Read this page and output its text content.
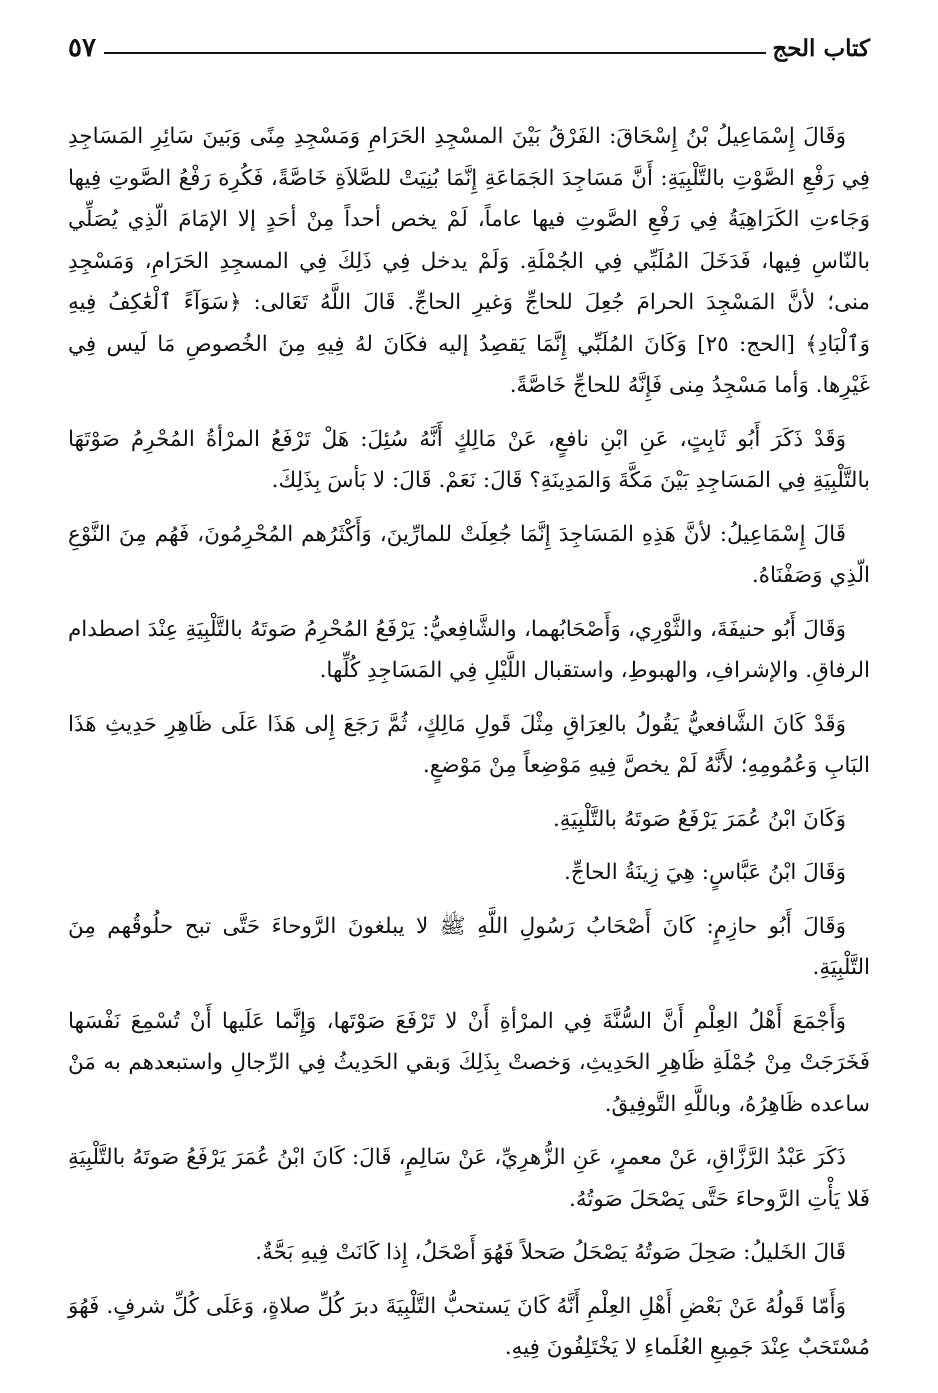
كتاب الحج
٥٧

وَقَالَ إِسْمَاعِيلُ بْنُ إِسْحَاقَ: الفَرْقُ بَيْنَ المسْجِدِ الحَرَامِ وَمَسْجِدِ مِنًى وَبَينَ سَائِرِ المَسَاجِدِ فِي رَفْعِ الصَّوْتِ بالتَّلْبِيَةِ: أَنَّ مَسَاجِدَ الجَمَاعَةِ إِنَّمَا بُنِيَتْ للصَّلاَةِ خَاصَّةً، فَكُرِهَ رَفْعُ الصَّوتِ فِيها وَجَاءتِ الكَرَاهِيَةُ فِي رَفْعِ الصَّوتِ فيها عاماً، لَمْ يخص أحداً مِنْ أحَدٍ إلا الإمَامَ الّذِي يُصَلِّي بالنّاسِ فِيها، فَدَخَلَ المُلَبِّي فِي الجُمْلَةِ. وَلَمْ يدخل فِي ذَلِكَ فِي المسجِدِ الحَرَامِ، وَمَسْجِدِ منى؛ لأنَّ المَسْجِدَ الحرامَ جُعِلَ للحاجِّ وَغيرِ الحاجِّ. قَالَ اللَّهُ تَعَالى: ﴿سَوَآءً ٱلْعَٰكِفُ فِيهِ وَٱلْبَادِ﴾ [الحج: ٢٥] وَكَانَ المُلَبِّي إِنَّمَا يَقصِدُ إليه فكَانَ لهُ فِيهِ مِنَ الخُصوصِ مَا لَيس فِي غَيْرِها. وَأما مَسْجِدُ مِنى فَإِنَّهُ للحاجِّ خَاصَّةً.

وَقَدْ ذَكَرَ أَبُو ثَابِتٍ، عَنِ ابْنِ نافعٍ، عَنْ مَالِكٍ أَنَّهُ سُئِلَ: هَلْ تَرْفَعُ المرْأةُ المُحْرِمُ صَوْتَهَا بالتَّلْبِيَةِ فِي المَسَاجِدِ بَيْنَ مَكَّةَ وَالمَدِينَةِ؟ قَالَ: نَعَمْ. قَالَ: لا بَأسَ بِذَلِكَ.

قَالَ إِسْمَاعِيلُ: لأنَّ هَذِهِ المَسَاجِدَ إِنَّمَا جُعِلَتْ للمارِّينَ، وَأَكْثَرُهم المُحْرِمُونَ، فَهُم مِنَ النَّوْعِ الّذِي وَصَفْنَاهُ.

وَقَالَ أَبُو حنيفَةَ، والثَّوْرِي، وَأَصْحَابُهما، والشَّافِعيُّ: يَرْفَعُ المُحْرِمُ صَوتَهُ بالتَّلْبِيَةِ عِنْدَ اصطدام الرفاقِ. والإشرافِ، والهبوطِ، واستقبال اللَّيْلِ فِي المَسَاجِدِ كُلِّها.

وَقَدْ كَانَ الشَّافعيُّ يَقُولُ بالعِرَاقِ مِثْلَ قَولِ مَالِكٍ، ثُمَّ رَجَعَ إِلى هَذَا عَلَى ظَاهِرِ حَدِيثِ هَذَا البَابِ وَعُمُومِهِ؛ لأَنَّهُ لَمْ يخصَّ فِيهِ مَوْضِعاً مِنْ مَوْضعٍ.

وَكَانَ ابْنُ عُمَرَ يَرْفَعُ صَوتَهُ بالتَّلْبِيَةِ.

وَقَالَ ابْنُ عَبَّاسٍ: هِيَ زِينَةُ الحاجِّ.

وَقَالَ أَبُو حازِمٍ: كَانَ أَصْحَابُ رَسُولِ اللَّهِ ﷺ لا يبلغونَ الرَّوحاءَ حَتَّى تبح حلُوقُهم مِنَ التَّلْبِيَةِ.

وَأَجْمَعَ أَهْلُ العِلْمِ أَنَّ السُّنَّةَ فِي المرْأةِ أَنْ لا تَرْفَعَ صَوْتَها، وَإِنَّما عَلَيها أَنْ تُسْمِعَ نَفْسَها فَخَرَجَتْ مِنْ جُمْلَةِ ظَاهِرِ الحَدِيثِ، وَخصتْ بِذَلِكَ وَبقي الحَدِيثُ فِي الرِّجالِ واستبعدهم به مَنْ ساعده ظَاهِرُهُ، وباللَّهِ التَّوفِيقُ.

ذَكَرَ عَبْدُ الرَّزَّاقِ، عَنْ معمرٍ، عَنِ الزُّهرِيِّ، عَنْ سَالِمٍ، قَالَ: كَانَ ابْنُ عُمَرَ يَرْفَعُ صَوتَهُ بالتَّلْبِيَةِ فَلا يَأْتِ الرَّوحاءَ حَتَّى يَصْحَلَ صَوتُهُ.

قَالَ الخَليلُ: صَحِلَ صَوتُهُ يَصْحَلُ صَحلاً فَهُوَ أَصْحَلُ، إِذا كَانَتْ فِيهِ بَحَّةٌ.

وَأَمّا قَولُهُ عَنْ بَعْضِ أَهْلِ العِلْمِ أَنَّهُ كَانَ يَستحبُّ التَّلْبِيَةَ دبرَ كُلِّ صلاةٍ، وَعَلَى كُلِّ شرفٍ. فَهُوَ مُسْتَحَبٌ عِنْدَ جَمِيعِ العُلَماءِ لا يَخْتَلِفُونَ فِيهِ.
